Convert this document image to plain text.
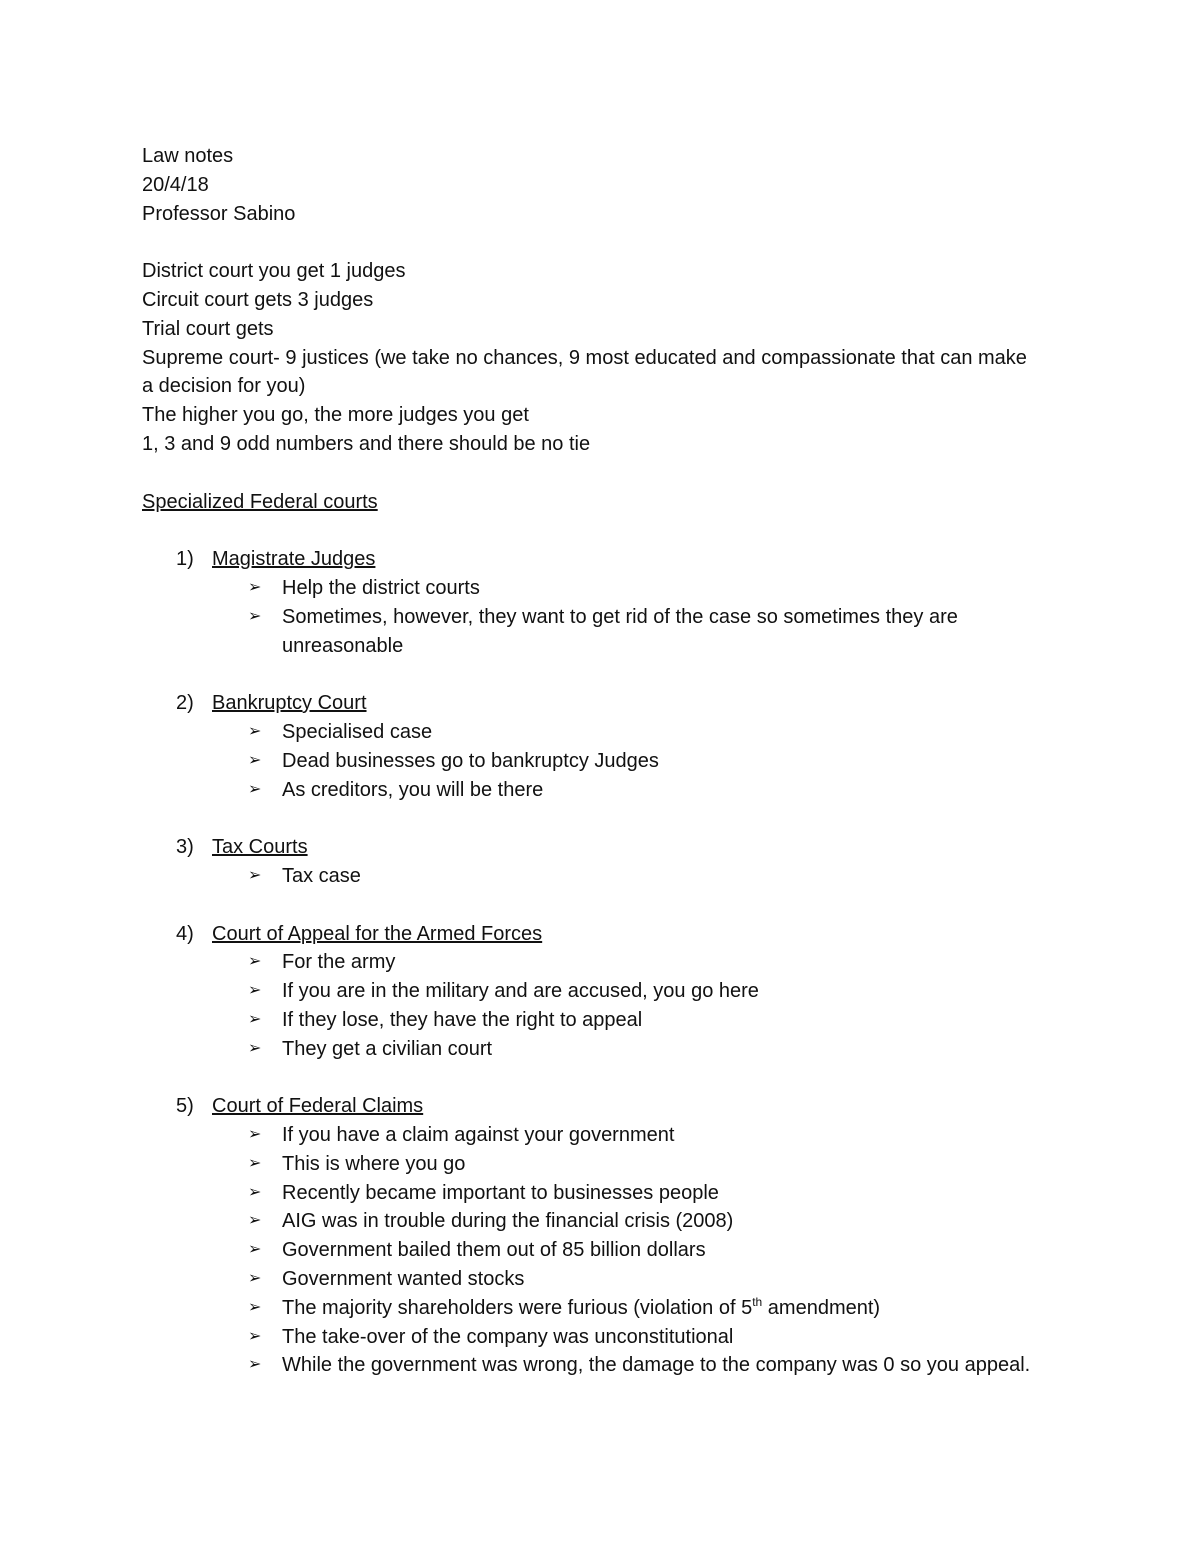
Law notes
20/4/18
Professor Sabino
District court you get 1 judges
Circuit court gets 3 judges
Trial court gets
Supreme court- 9 justices (we take no chances, 9 most educated and compassionate that can make a decision for you)
The higher you go, the more judges you get
1, 3 and 9 odd numbers and there should be no tie
Specialized Federal courts
1) Magistrate Judges
➢ Help the district courts
➢ Sometimes, however, they want to get rid of the case so sometimes they are unreasonable
2) Bankruptcy Court
➢ Specialised case
➢ Dead businesses go to bankruptcy Judges
➢ As creditors, you will be there
3) Tax Courts
➢ Tax case
4) Court of Appeal for the Armed Forces
➢ For the army
➢ If you are in the military and are accused, you go here
➢ If they lose, they have the right to appeal
➢ They get a civilian court
5) Court of Federal Claims
➢ If you have a claim against your government
➢ This is where you go
➢ Recently became important to businesses people
➢ AIG was in trouble during the financial crisis (2008)
➢ Government bailed them out of 85 billion dollars
➢ Government wanted stocks
➢ The majority shareholders were furious (violation of 5th amendment)
➢ The take-over of the company was unconstitutional
➢ While the government was wrong, the damage to the company was 0 so you appeal.
